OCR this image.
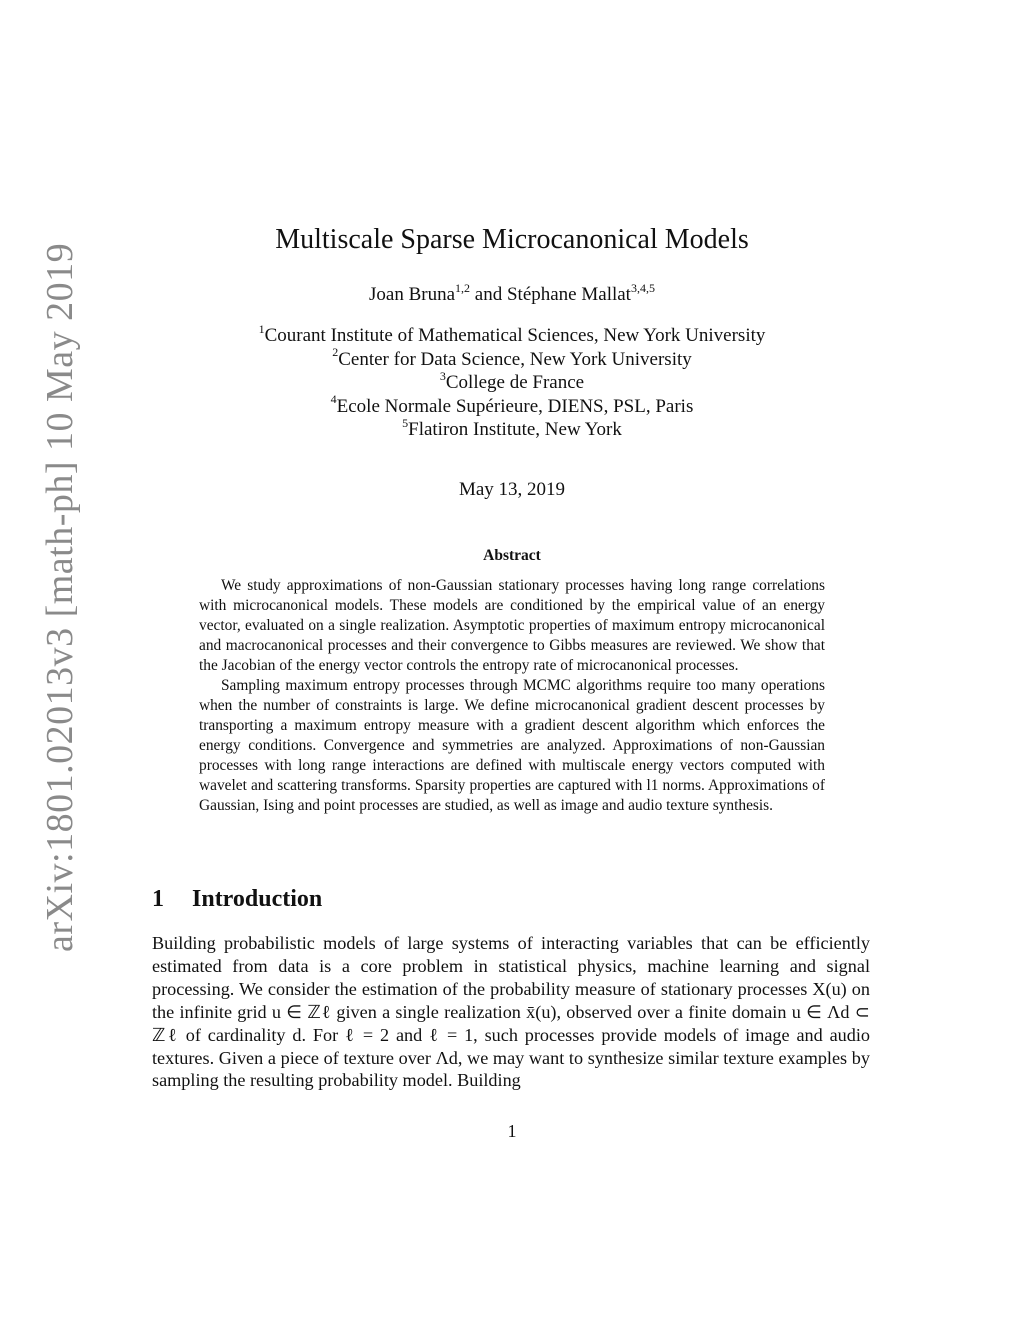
arXiv:1801.02013v3 [math-ph] 10 May 2019
Multiscale Sparse Microcanonical Models
Joan Bruna$^{1,2}$ and Stéphane Mallat$^{3,4,5}$
$^1$Courant Institute of Mathematical Sciences, New York University
$^2$Center for Data Science, New York University
$^3$College de France
$^4$Ecole Normale Supérieure, DIENS, PSL, Paris
$^5$Flatiron Institute, New York
May 13, 2019
Abstract

We study approximations of non-Gaussian stationary processes having long range correlations with microcanonical models. These models are conditioned by the empirical value of an energy vector, evaluated on a single realization. Asymptotic properties of maximum entropy microcanonical and macrocanonical processes and their convergence to Gibbs measures are reviewed. We show that the Jacobian of the energy vector controls the entropy rate of microcanonical processes.

Sampling maximum entropy processes through MCMC algorithms require too many operations when the number of constraints is large. We define microcanonical gradient descent processes by transporting a maximum entropy measure with a gradient descent algorithm which enforces the energy conditions. Convergence and symmetries are analyzed. Approximations of non-Gaussian processes with long range interactions are defined with multiscale energy vectors computed with wavelet and scattering transforms. Sparsity properties are captured with l1 norms. Approximations of Gaussian, Ising and point processes are studied, as well as image and audio texture synthesis.

1 Introduction

Building probabilistic models of large systems of interacting variables that can be efficiently estimated from data is a core problem in statistical physics, machine learning and signal processing. We consider the estimation of the probability measure of stationary processes X(u) on the infinite grid u ∈ ℤℓ given a single realization x̄(u), observed over a finite domain u ∈ Λd ⊂ ℤℓ of cardinality d. For ℓ = 2 and ℓ = 1, such processes provide models of image and audio textures. Given a piece of texture over Λd, we may want to synthesize similar texture examples by sampling the resulting probability model. Building

1
